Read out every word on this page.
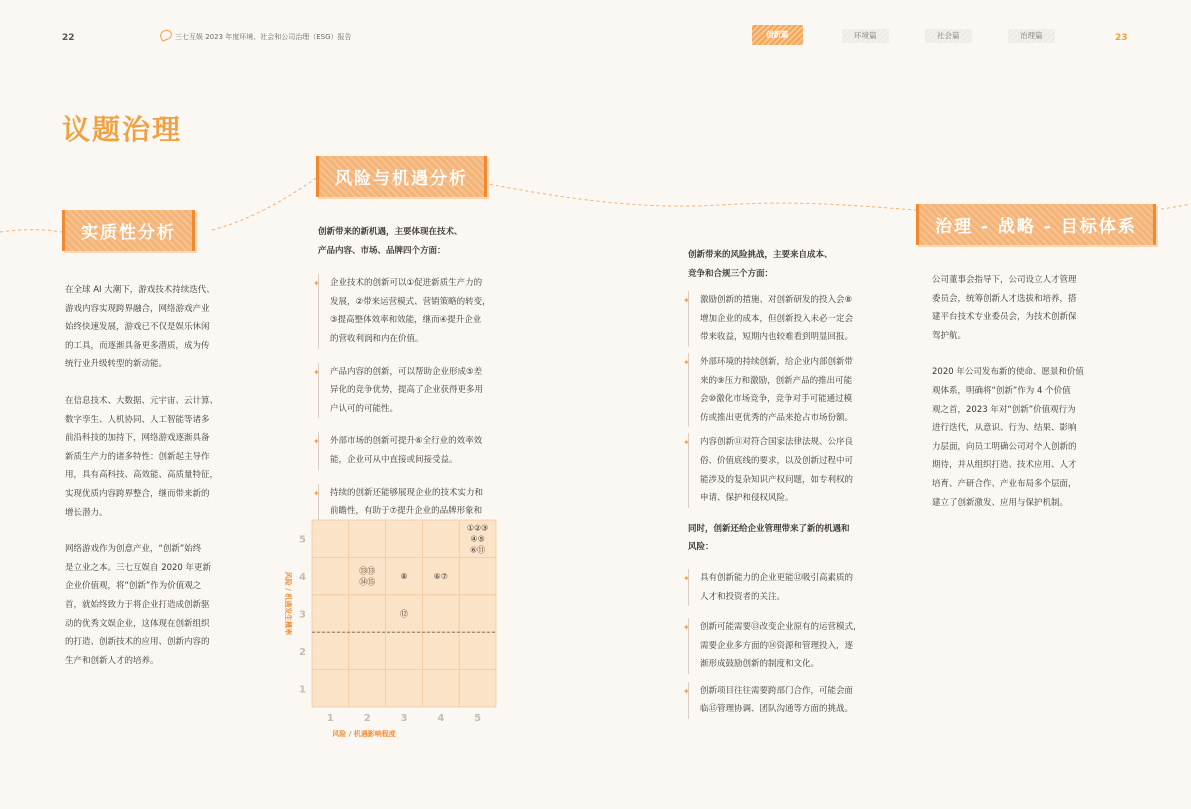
22	三七互娱 2023 年度环境、社会和公司治理（ESG）报告	创新篇	环境篇	社会篇	治理篇	23
议题治理
实质性分析
风险与机遇分析
治理 - 战略 - 目标体系
在全球 AI 大潮下，游戏技术持续迭代、
游戏内容实现跨界融合，网络游戏产业
始终快速发展，游戏已不仅是娱乐休闲
的工具，而逐渐具备更多潜质，成为传
统行业升级转型的新动能。
在信息技术、大数据、元宇宙、云计算、
数字孪生、人机协同、人工智能等诸多
前沿科技的加持下，网络游戏逐渐具备
新质生产力的诸多特性：创新起主导作
用，具有高科技、高效能、高质量特征，
实现优质内容跨界整合，继而带来新的
增长潜力。
网络游戏作为创意产业，“创新”始终
是立业之本。三七互娱自 2020 年更新
企业价值观，将“创新”作为价值观之
首，就始终致力于将企业打造成创新驱
动的优秀文娱企业，这体现在创新组织
的打造、创新技术的应用、创新内容的
生产和创新人才的培养。
创新带来的新机遇，主要体现在技术、
产品内容、市场、品牌四个方面：
✦ 企业技术的创新可以①促进新质生产力的
发展，②带来运营模式、营销策略的转变，
③提高整体效率和效能，继而④提升企业
的营收利润和内在价值。
✦ 产品内容的创新，可以帮助企业形成⑤差
异化的竞争优势，提高了企业获得更多用
户认可的可能性。
✦ 外部市场的创新可提升⑥全行业的效率效
能，企业可从中直接或间接受益。
✦ 持续的创新还能够展现企业的技术实力和
前瞻性，有助于⑦提升企业的品牌形象和
1	2	3	4	5
1
2
3
4
5
风险 / 机遇影响程度
风险 / 机遇发生概率
①②③
④⑤
⑥⑪
⑬⑬
⑭⑮
⑧	⑥⑦
⑫
创新带来的风险挑战，主要来自成本、
竞争和合规三个方面：
✦ 激励创新的措施、对创新研发的投入会⑧
增加企业的成本，但创新投入未必一定会
带来收益，短期内也较难看到明显回报。
✦ 外部环境的持续创新，给企业内部创新带
来的⑨压力和激励，创新产品的推出可能
会⑩激化市场竞争，竞争对手可能通过模
仿或推出更优秀的产品来抢占市场份额。
✦ 内容创新⑪对符合国家法律法规、公序良
俗、价值底线的要求，以及创新过程中可
能涉及的复杂知识产权问题，如专利权的
申请、保护和侵权风险。
同时，创新还给企业管理带来了新的机遇和
风险：
✦ 具有创新能力的企业更能⑫吸引高素质的
人才和投资者的关注。
✦ 创新可能需要⑬改变企业原有的运营模式，
需要企业多方面的⑭资源和管理投入，逐
渐形成鼓励创新的制度和文化。
✦ 创新项目往往需要跨部门合作，可能会面
临⑮管理协调、团队沟通等方面的挑战。
公司董事会指导下，公司设立人才管理
委员会，统筹创新人才选拔和培养，搭
建平台技术专业委员会，为技术创新保
驾护航。
2020 年公司发布新的使命、愿景和价值
观体系，明确将“创新”作为 4 个价值
观之首，2023 年对“创新”价值观行为
进行迭代，从意识、行为、结果、影响
力层面，向员工明确公司对个人创新的
期待，并从组织打造、技术应用、人才
培育、产研合作、产业布局多个层面，
建立了创新激发、应用与保护机制。
